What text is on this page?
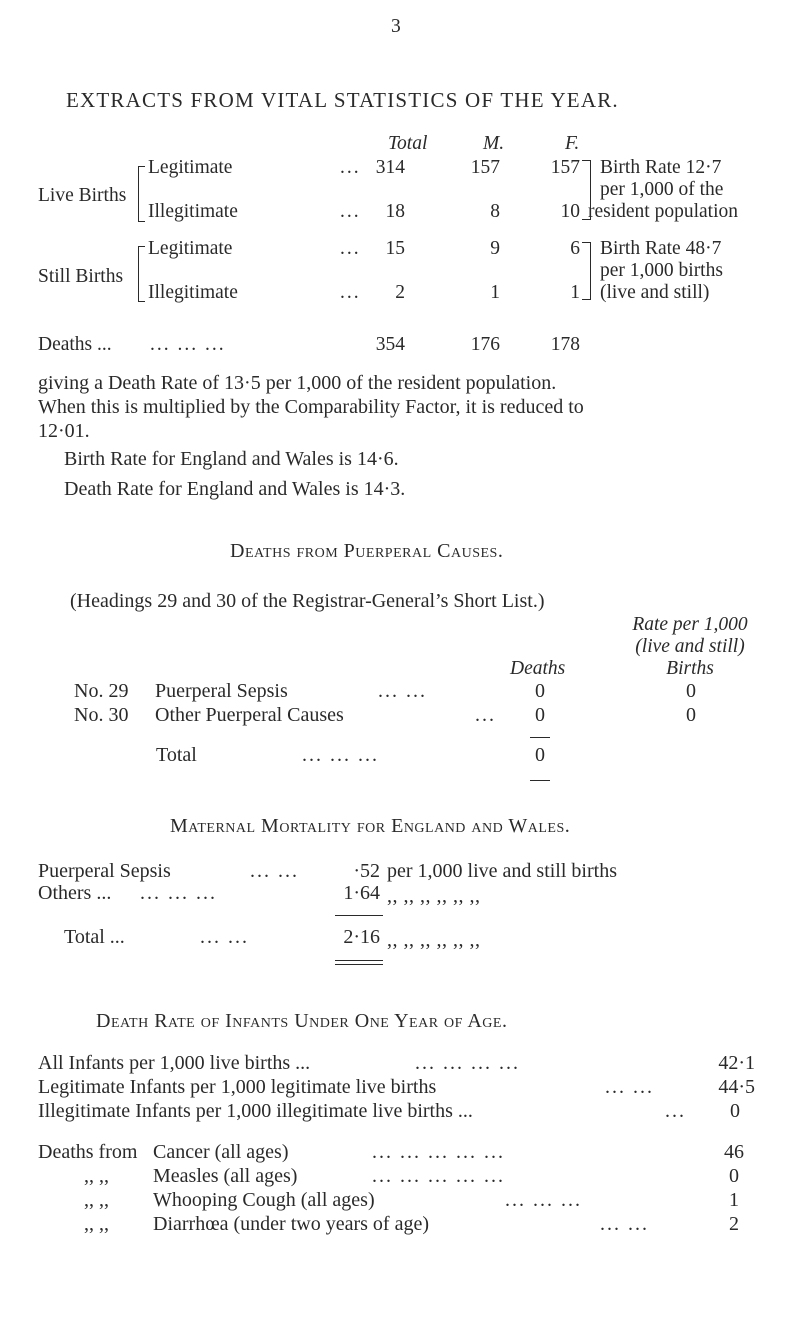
3
EXTRACTS FROM VITAL STATISTICS OF THE YEAR.
Total	M.	F.
Live Births
Legitimate	... 314	157	157
Illegitimate	...	18	8	10
Birth Rate 12·7
per 1,000 of the
resident population
Still Births
Legitimate	...	15	9	6
Illegitimate	...	2	1	1
Birth Rate 48·7
per 1,000 births
(live and still)
Deaths ... ... ... ...	354	176	178
giving a Death Rate of 13·5 per 1,000 of the resident population.
When this is multiplied by the Comparability Factor, it is reduced to
12·01.
Birth Rate for England and Wales is 14·6.
Death Rate for England and Wales is 14·3.
Deaths from Puerperal Causes.
(Headings 29 and 30 of the Registrar-General’s Short List.)
Rate per 1,000
(live and still)
Births
Deaths
No. 29 Puerperal Sepsis	... ...	0	0
No. 30 Other Puerperal Causes	...	0	0
Total	... ... ...	0
Maternal Mortality for England and Wales.
Puerperal Sepsis	... ...	·52 per 1,000 live and still births
Others ... ... ... ...	1·64 ,, ,, ,, ,, ,, ,,
Total ...	... ...	2·16 ,, ,, ,, ,, ,, ,,
Death Rate of Infants Under One Year of Age.
All Infants per 1,000 live births ...	... ... ... ...	42·1
Legitimate Infants per 1,000 legitimate live births	... ...	44·5
Illegitimate Infants per 1,000 illegitimate live births ...	...	0
Deaths from Cancer (all ages)	... ... ... ... ...	46
,, ,, Measles (all ages)	... ... ... ... ...	0
,, ,, Whooping Cough (all ages)	... ... ...	1
,, ,, Diarrhœa (under two years of age)	... ...	2
